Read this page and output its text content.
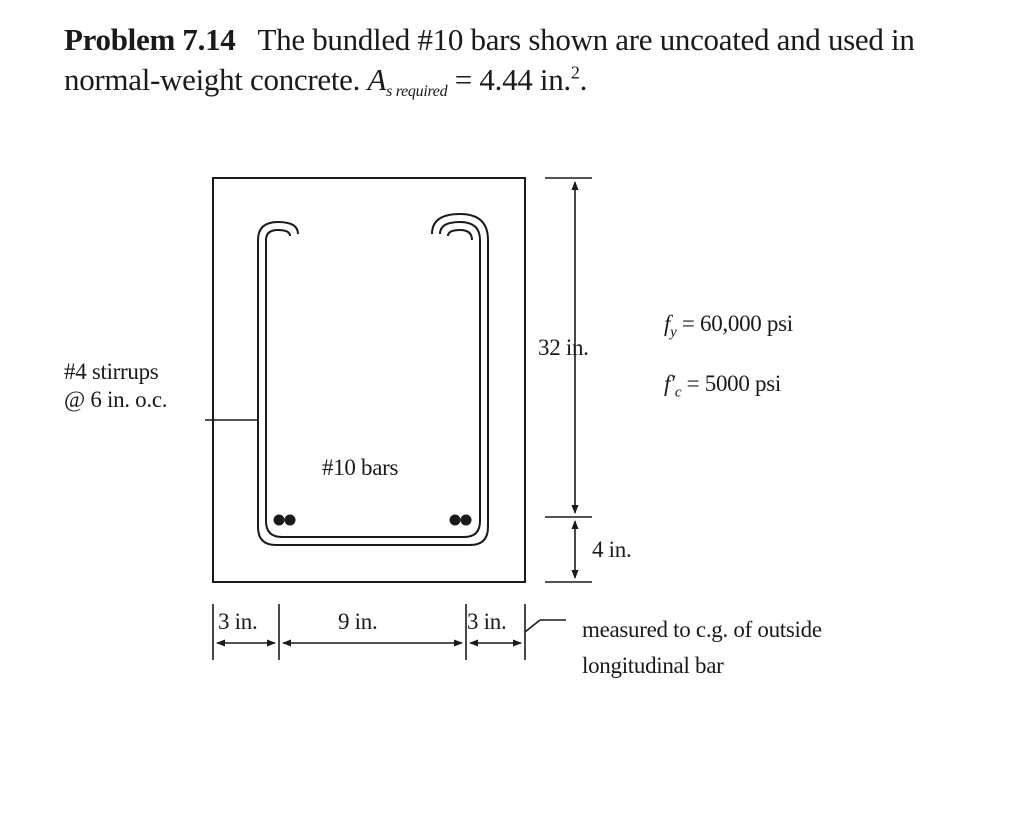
Problem 7.14 The bundled #10 bars shown are uncoated and used in normal-weight concrete. $A_{s required} = 4.44$ in.$^2$.
#4 stirrups
@ 6 in. o.c.
#10 bars
32 in.
4 in.
3 in.	9 in.	3 in.	measured to c.g. of outside
longitudinal bar
$f_y = 60,000$ psi
$f'_c = 5000$ psi
